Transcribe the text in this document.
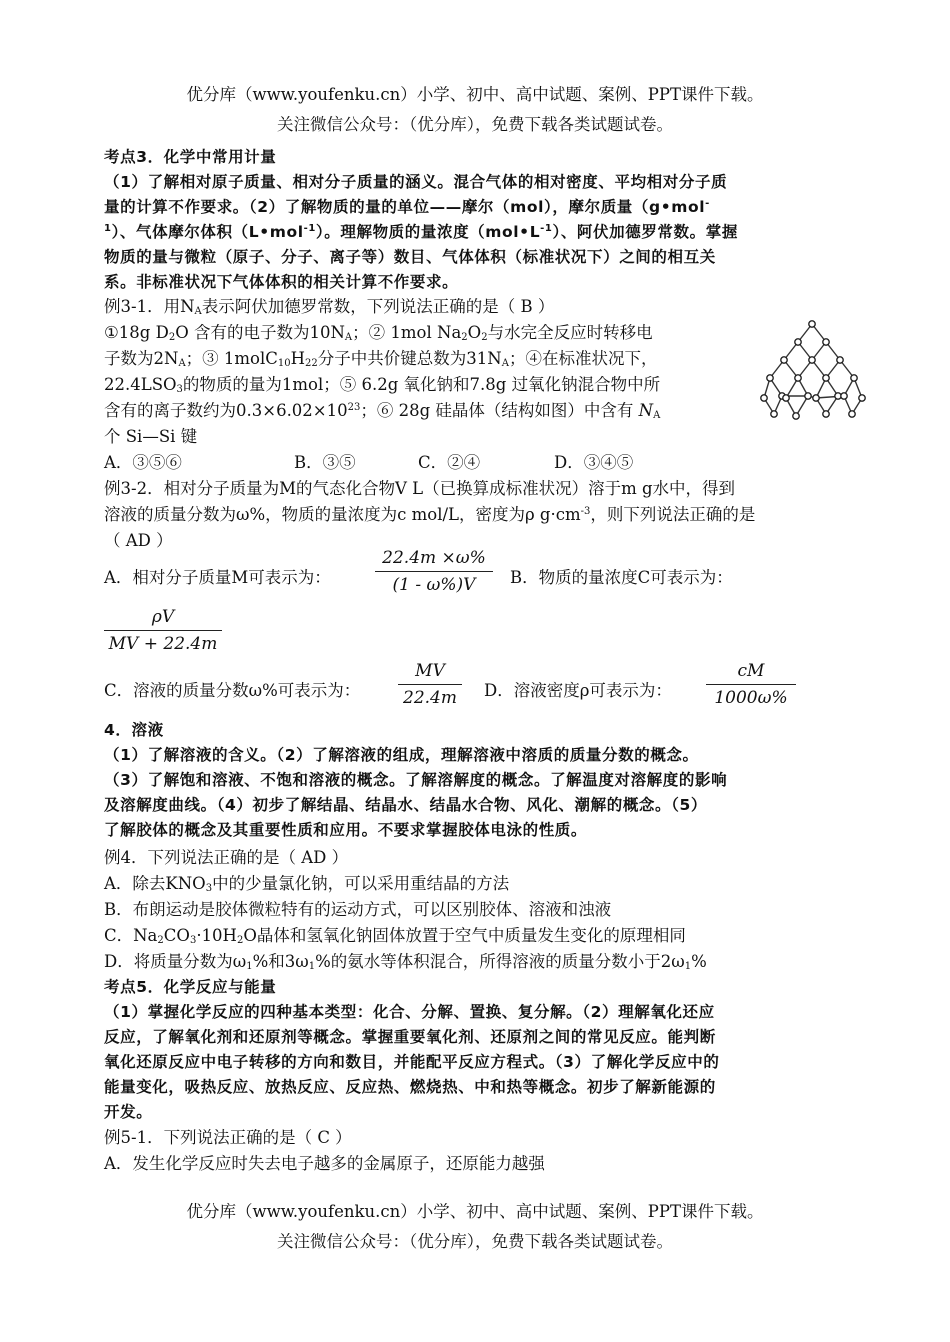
优分库（www.youfenku.cn）小学、初中、高中试题、案例、PPT课件下载。
关注微信公众号：（优分库），免费下载各类试题试卷。
考点3．化学中常用计量
（1）了解相对原子质量、相对分子质量的涵义。混合气体的相对密度、平均相对分子质
量的计算不作要求。（2）了解物质的量的单位——摩尔（mol），摩尔质量（g•mol-
$^1$）、气体摩尔体积（L•mol$^{-1}$）。理解物质的量浓度$(mol•L^{-1})$、阿伏加德罗常数。掌握
物质的量与微粒（原子、分子、离子等）数目、气体体积（标准状况下）之间的相互关
系。非标准状况下气体体积的相关计算不作要求。
例3-1．用$N_A$表示阿伏加德罗常数，下列说法正确的是（ B ）
①18g $D_2O$ 含有的电子数为$10N_A$；② 1mol $Na_2O_2$与水完全反应时转移电
子数为$2N_A$；③ $1molC_{10}H_{22}$分子中共价键总数为$31N_A$；④在标准状况下，
$22.4LSO_3$的物质的量为1mol；⑤ 6.2g 氧化钠和7.8g 过氧化钠混合物中所
含有的离子数约为$0.3\times 6.02\times 10^{23}$；⑥ 28g 硅晶体（结构如图）中含有 $N_A$
个 Si—Si 键
A．③⑤⑥	B．③⑤	C．②④	D．③④⑤
例3-2．相对分子质量为M的气态化合物V L（已换算成标准状况）溶于m g水中，得到
溶液的质量分数为ω%，物质的量浓度为c mol/L，密度为ρ $g\cdot cm^{-3}$，则下列说法正确的是
（ AD ）
A．相对分子质量M可表示为：
22.4m ×ω%
(1 - ω%)V	B．物质的量浓度C可表示为：
ρV
MV + 22.4m
C．溶液的质量分数ω%可表示为：
MV
22.4m	D．溶液密度ρ可表示为：
cM
1000ω%
4．溶液
（1）了解溶液的含义。（2）了解溶液的组成，理解溶液中溶质的质量分数的概念。
（3）了解饱和溶液、不饱和溶液的概念。了解溶解度的概念。了解温度对溶解度的影响
及溶解度曲线。（4）初步了解结晶、结晶水、结晶水合物、风化、潮解的概念。（5）
了解胶体的概念及其重要性质和应用。不要求掌握胶体电泳的性质。
例4．下列说法正确的是（ AD ）
A．除去$KNO_3$中的少量氯化钠，可以采用重结晶的方法
B．布朗运动是胶体微粒特有的运动方式，可以区别胶体、溶液和浊液
C．$Na_2CO_3\cdot 10H_2O$晶体和氢氧化钠固体放置于空气中质量发生变化的原理相同
D．将质量分数为$\omega_1\%$和$3\omega_1\%$的氨水等体积混合，所得溶液的质量分数小于$2\omega_1\%$
考点5．化学反应与能量
（1）掌握化学反应的四种基本类型：化合、分解、置换、复分解。（2）理解氧化还应
反应，了解氧化剂和还原剂等概念。掌握重要氧化剂、还原剂之间的常见反应。能判断
氧化还原反应中电子转移的方向和数目，并能配平反应方程式。（3）了解化学反应中的
能量变化，吸热反应、放热反应、反应热、燃烧热、中和热等概念。初步了解新能源的
开发。
例5-1．下列说法正确的是（ C ）
A．发生化学反应时失去电子越多的金属原子，还原能力越强
优分库（www.youfenku.cn）小学、初中、高中试题、案例、PPT课件下载。
关注微信公众号：（优分库），免费下载各类试题试卷。
